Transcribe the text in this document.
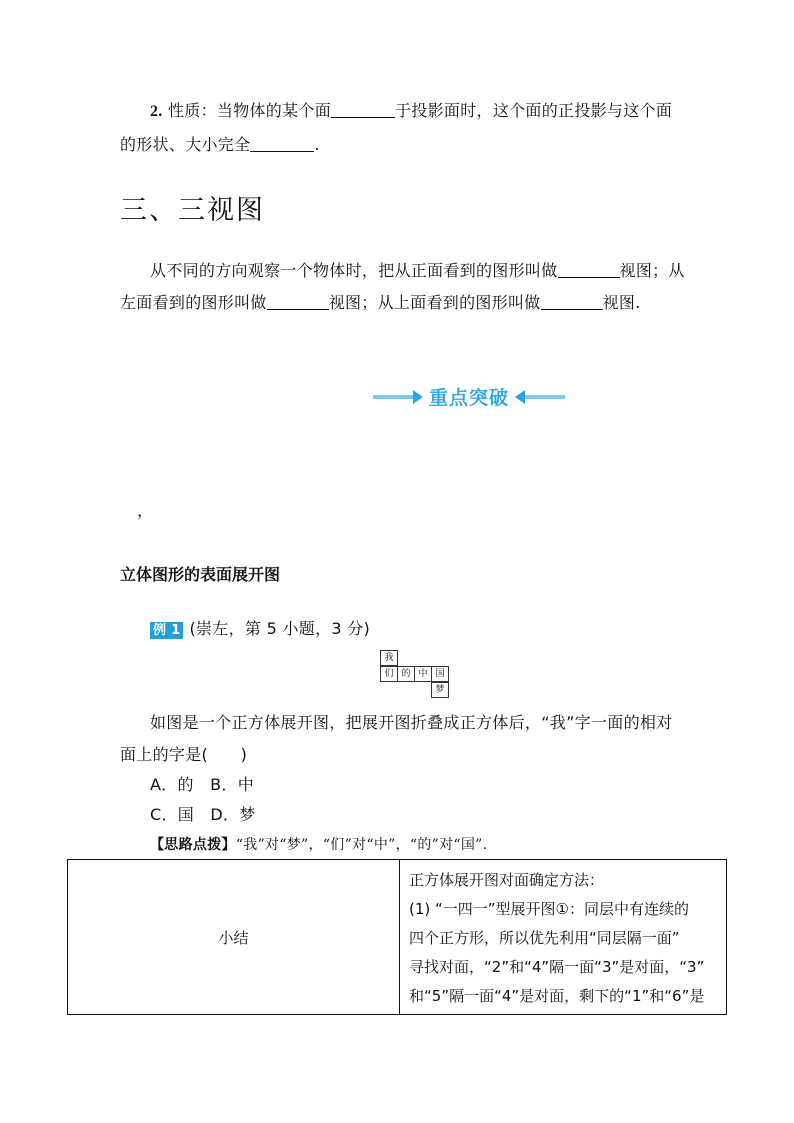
2. 性质：当物体的某个面	于投影面时，这个面的正投影与这个面
的形状、大小完全	.
三、三视图
从不同的方向观察一个物体时，把从正面看到的图形叫做	视图；从
左面看到的图形叫做	视图；从上面看到的图形叫做	视图.
重点突破
，
立体图形的表面展开图
例 1 (崇左，第 5 小题，3 分)
我
们 的 中 国
梦
如图是一个正方体展开图，把展开图折叠成正方体后，“我”字一面的相对
面上的字是(　　)
A．的　B．中
C．国　D．梦
【思路点拨】“我”对“梦”，“们”对“中”，“的”对“国”.
小结	
正方体展开图对面确定方法：
(1) “一四一”型展开图①：同层中有连续的
四个正方形，所以优先利用“同层隔一面”
寻找对面，“2”和“4”隔一面“3”是对面，“3”
和“5”隔一面“4”是对面，剩下的“1”和“6”是
